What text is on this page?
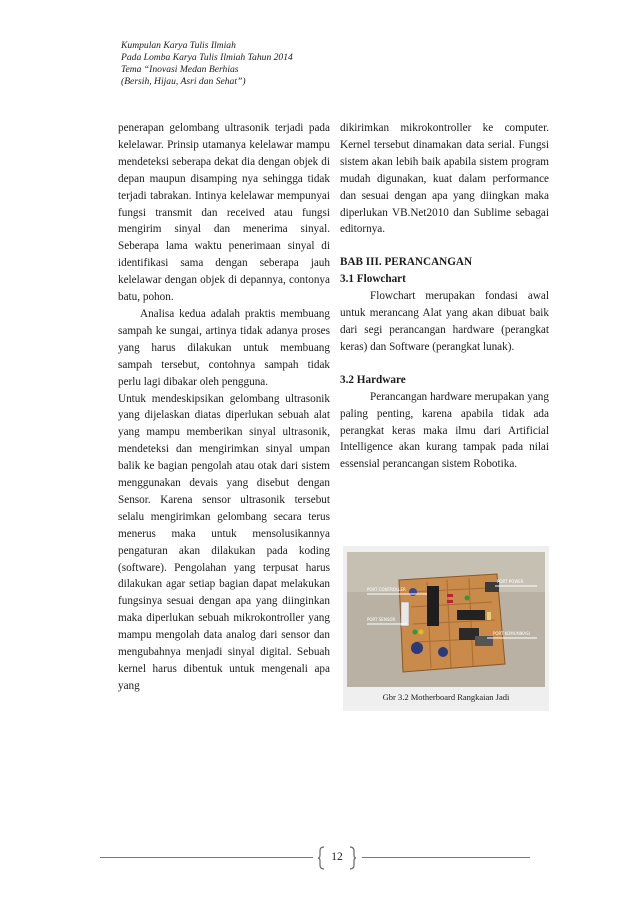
Kumpulan Karya Tulis Ilmiah
Pada Lomba Karya Tulis Ilmiah Tahun 2014
Tema “Inovasi Medan Berhias
(Bersih, Hijau, Asri dan Sehat”)

penerapan gelombang ultrasonik terjadi pada kelelawar. Prinsip utamanya kelelawar mampu mendeteksi seberapa dekat dia dengan objek di depan maupun disamping nya sehingga tidak terjadi tabrakan. Intinya kelelawar mempunyai fungsi transmit dan received atau fungsi mengirim sinyal dan menerima sinyal. Seberapa lama waktu penerimaan sinyal di identifikasi sama dengan seberapa jauh kelelawar dengan objek di depannya, contonya batu, pohon.

Analisa kedua adalah praktis membuang sampah ke sungai, artinya tidak adanya proses yang harus dilakukan untuk membuang sampah tersebut, contohnya sampah tidak perlu lagi dibakar oleh pengguna.

Untuk mendeskipsikan gelombang ultrasonik yang dijelaskan diatas diperlukan sebuah alat yang mampu memberikan sinyal ultrasonik, mendeteksi dan mengirimkan sinyal umpan balik ke bagian pengolah atau otak dari sistem menggunakan devais yang disebut dengan Sensor. Karena sensor ultrasonik tersebut selalu mengirimkan gelombang secara terus menerus maka untuk mensolusikannya pengaturan akan dilakukan pada koding (software). Pengolahan yang terpusat harus dilakukan agar setiap bagian dapat melakukan fungsinya sesuai dengan apa yang diinginkan maka diperlukan sebuah mikrokontroller yang mampu mengolah data analog dari sensor dan mengubahnya menjadi sinyal digital. Sebuah kernel harus dibentuk untuk mengenali apa yang

dikirimkan mikrokontroller ke computer. Kernel tersebut dinamakan data serial. Fungsi sistem akan lebih baik apabila sistem program mudah digunakan, kuat dalam performance dan sesuai dengan apa yang diingkan maka diperlukan VB.Net2010 dan Sublime sebagai editornya.

BAB III. PERANCANGAN

3.1 Flowchart

Flowchart merupakan fondasi awal untuk merancang Alat yang akan dibuat baik dari segi perancangan hardware (perangkat keras) dan Software (perangkat lunak).

3.2 Hardware

Perancangan hardware merupakan yang paling penting, karena apabila tidak ada perangkat keras maka ilmu dari Artificial Intelligence akan kurang tampak pada nilai essensial perancangan sistem Robotika.

PORT POWER
PORT CONTROLLER
PORT SENSOR
PORT KOMUNIKASI
Gbr 3.2 Motherboard Rangkaian Jadi
12
